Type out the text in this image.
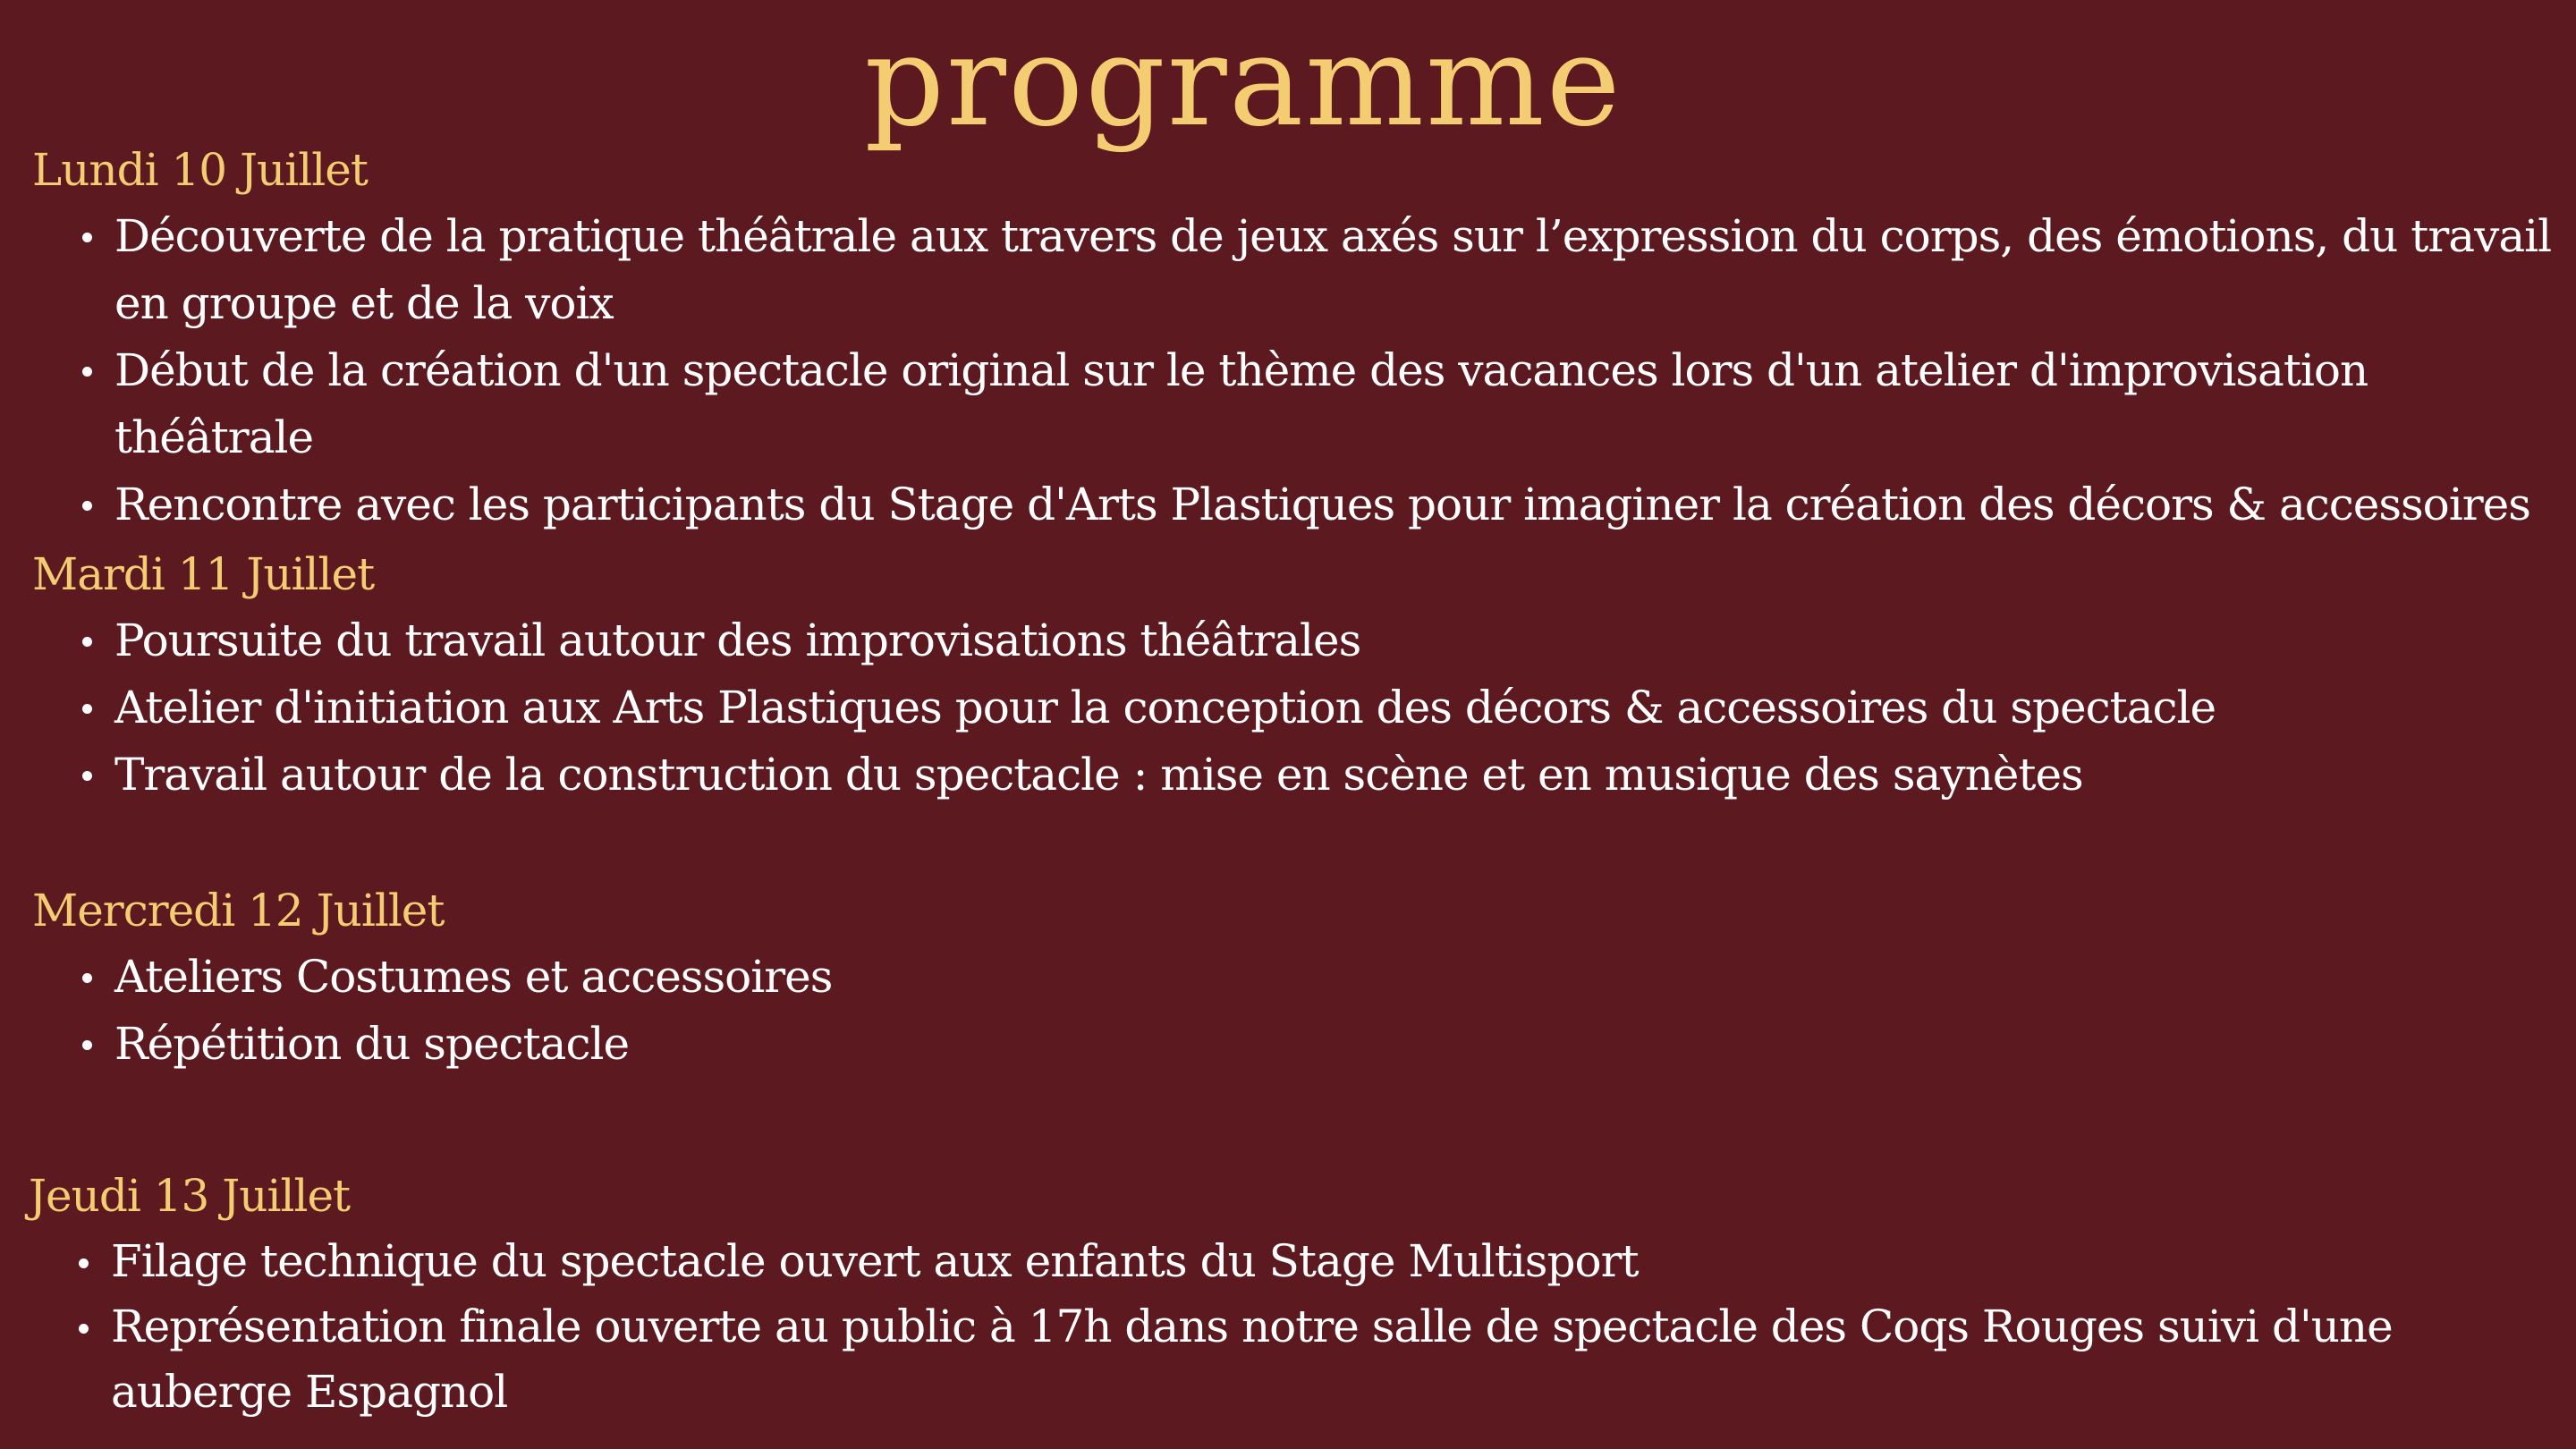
programme
Lundi 10 Juillet
Découverte de la pratique théâtrale aux travers de jeux axés sur l’expression du corps, des émotions, du travail en groupe et de la voix
Début de la création d'un spectacle original sur le thème des vacances lors d'un atelier d'improvisation théâtrale
Rencontre avec les participants du Stage d'Arts Plastiques pour imaginer la création des décors & accessoires
Mardi 11 Juillet
Poursuite du travail autour des improvisations théâtrales
Atelier d'initiation aux Arts Plastiques pour la conception des décors & accessoires du spectacle
Travail autour de la construction du spectacle : mise en scène et en musique des saynètes
Mercredi 12 Juillet
Ateliers Costumes et accessoires
Répétition du spectacle
Jeudi 13 Juillet
Filage technique du spectacle ouvert aux enfants du Stage Multisport
Représentation finale ouverte au public à 17h dans notre salle de spectacle des Coqs Rouges suivi d'une auberge Espagnol
